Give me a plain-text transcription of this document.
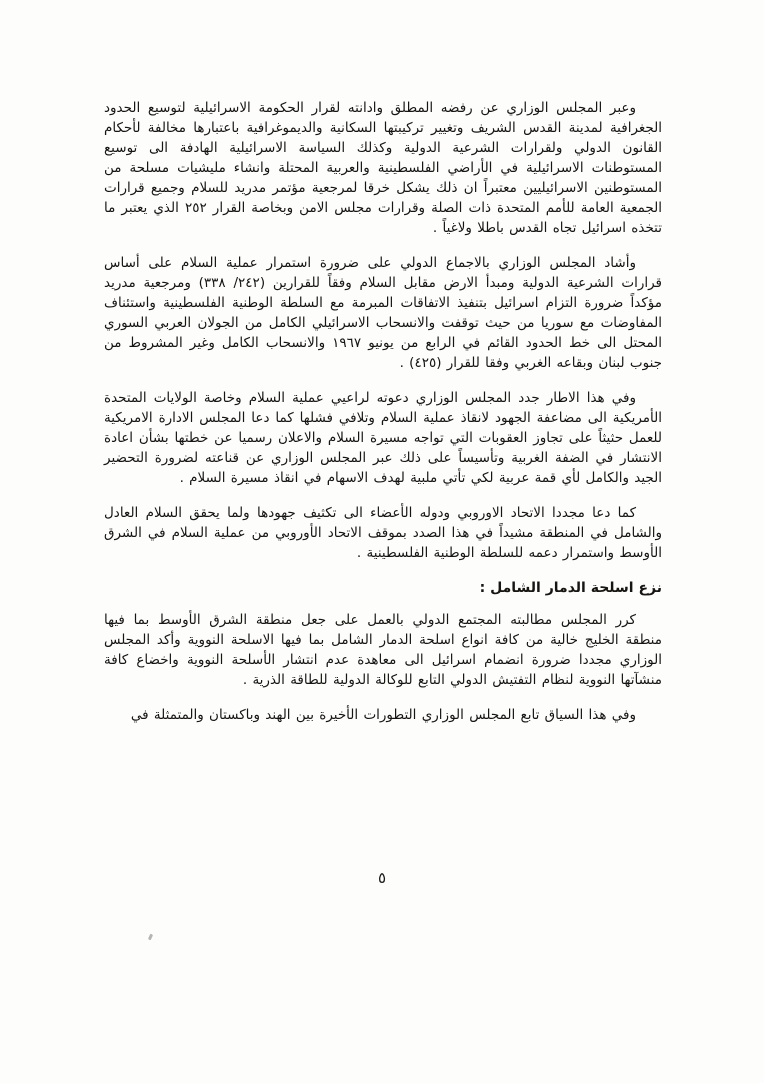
وعبر المجلس الوزاري عن رفضه المطلق وادانته لقرار الحكومة الاسرائيلية لتوسيع الحدود الجغرافية لمدينة القدس الشريف وتغيير تركيبتها السكانية والديموغرافية باعتبارها مخالفة لأحكام القانون الدولي ولقرارات الشرعية الدولية وكذلك السياسة الاسرائيلية الهادفة الى توسيع المستوطنات الاسرائيلية في الأراضي الفلسطينية والعربية المحتلة وانشاء مليشيات مسلحة من المستوطنين الاسرائيليين معتبراً ان ذلك يشكل خرقا لمرجعية مؤتمر مدريد للسلام وجميع قرارات الجمعية العامة للأمم المتحدة ذات الصلة وقرارات مجلس الامن وبخاصة القرار ٢٥٢ الذي يعتبر ما تتخذه اسرائيل تجاه القدس باطلا ولاغياً .

وأشاد المجلس الوزاري بالاجماع الدولي على ضرورة استمرار عملية السلام على أساس قرارات الشرعية الدولية ومبدأ الارض مقابل السلام وفقاً للقرارين (٢٤٢/ ٣٣٨) ومرجعية مدريد مؤكداً ضرورة التزام اسرائيل بتنفيذ الاتفاقات المبرمة مع السلطة الوطنية الفلسطينية واستئناف المفاوضات مع سوريا من حيث توقفت والانسحاب الاسرائيلي الكامل من الجولان العربي السوري المحتل الى خط الحدود القائم في الرابع من يونيو ١٩٦٧ والانسحاب الكامل وغير المشروط من جنوب لبنان وبقاعه الغربي وفقا للقرار (٤٢٥) .

وفي هذا الاطار جدد المجلس الوزاري دعوته لراعيي عملية السلام وخاصة الولايات المتحدة الأمريكية الى مضاعفة الجهود لانقاذ عملية السلام وتلافي فشلها كما دعا المجلس الادارة الامريكية للعمل حثيثاً على تجاوز العقوبات التي تواجه مسيرة السلام والاعلان رسميا عن خطتها بشأن اعادة الانتشار في الضفة الغربية وتأسيساً على ذلك عبر المجلس الوزاري عن قناعته لضرورة التحضير الجيد والكامل لأي قمة عربية لكي تأتي ملبية لهدف الاسهام في انقاذ مسيرة السلام .

كما دعا مجددا الاتحاد الاوروبي ودوله الأعضاء الى تكثيف جهودها ولما يحقق السلام العادل والشامل في المنطقة مشيداً في هذا الصدد بموقف الاتحاد الأوروبي من عملية السلام في الشرق الأوسط واستمرار دعمه للسلطة الوطنية الفلسطينية .

نزع اسلحة الدمار الشامل :

كرر المجلس مطالبته المجتمع الدولي بالعمل على جعل منطقة الشرق الأوسط بما فيها منطقة الخليج خالية من كافة انواع اسلحة الدمار الشامل بما فيها الاسلحة النووية وأكد المجلس الوزاري مجددا ضرورة انضمام اسرائيل الى معاهدة عدم انتشار الأسلحة النووية واخضاع كافة منشآتها النووية لنظام التفتيش الدولي التابع للوكالة الدولية للطاقة الذرية .

وفي هذا السياق تابع المجلس الوزاري التطورات الأخيرة بين الهند وباكستان والمتمثلة في

٥
